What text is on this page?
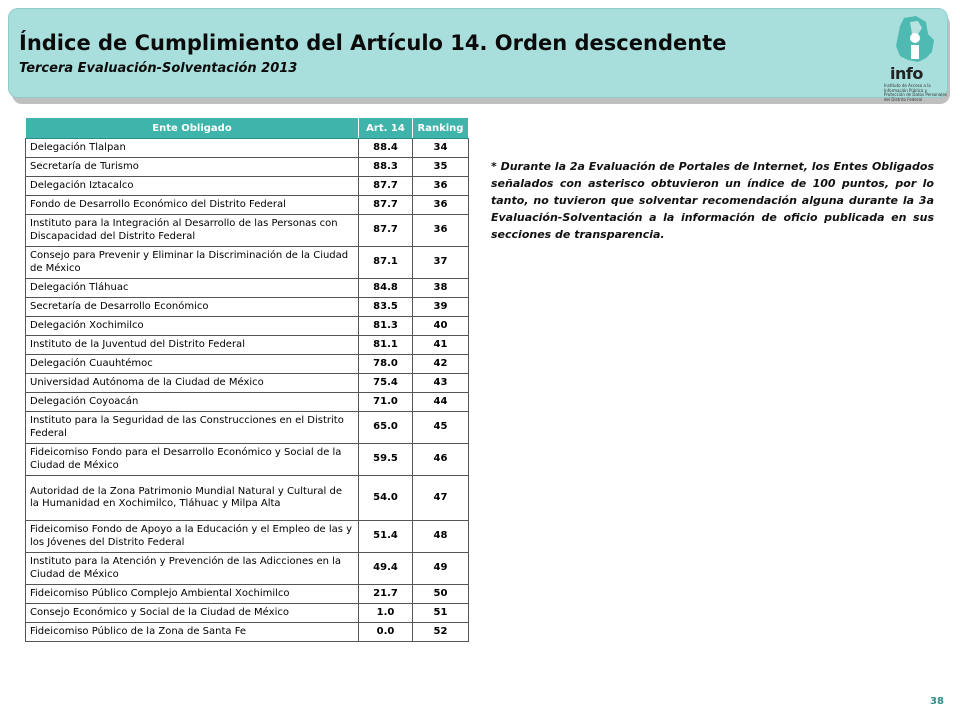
Índice de Cumplimiento del Artículo 14. Orden descendente
Tercera Evaluación-Solventación 2013	info
Instituto de Acceso a la Información Pública y Protección de Datos Personales del Distrito Federal
Ente Obligado	Art. 14	Ranking
Delegación Tlalpan	88.4	34
Secretaría de Turismo	88.3	35
Delegación Iztacalco	87.7	36
Fondo de Desarrollo Económico del Distrito Federal	87.7	36
Instituto para la Integración al Desarrollo de las Personas con Discapacidad del Distrito Federal	87.7	36
Consejo para Prevenir y Eliminar la Discriminación de la Ciudad de México	87.1	37
Delegación Tláhuac	84.8	38
Secretaría de Desarrollo Económico	83.5	39
Delegación Xochimilco	81.3	40
Instituto de la Juventud del Distrito Federal	81.1	41
Delegación Cuauhtémoc	78.0	42
Universidad Autónoma de la Ciudad de México	75.4	43
Delegación Coyoacán	71.0	44
Instituto para la Seguridad de las Construcciones en el Distrito Federal	65.0	45
Fideicomiso Fondo para el Desarrollo Económico y Social de la Ciudad de México	59.5	46
Autoridad de la Zona Patrimonio Mundial Natural y Cultural de la Humanidad en Xochimilco, Tláhuac y Milpa Alta	54.0	47
Fideicomiso Fondo de Apoyo a la Educación y el Empleo de las y los Jóvenes del Distrito Federal	51.4	48
Instituto para la Atención y Prevención de las Adicciones en la Ciudad de México	49.4	49
Fideicomiso Público Complejo Ambiental Xochimilco	21.7	50
Consejo Económico y Social de la Ciudad de México	1.0	51
Fideicomiso Público de la Zona de Santa Fe	0.0	52
* Durante la 2a Evaluación de Portales de Internet, los Entes Obligados señalados con asterisco obtuvieron un índice de 100 puntos, por lo tanto, no tuvieron que solventar recomendación alguna durante la 3a Evaluación-Solventación a la información de oficio publicada en sus secciones de transparencia.
38
